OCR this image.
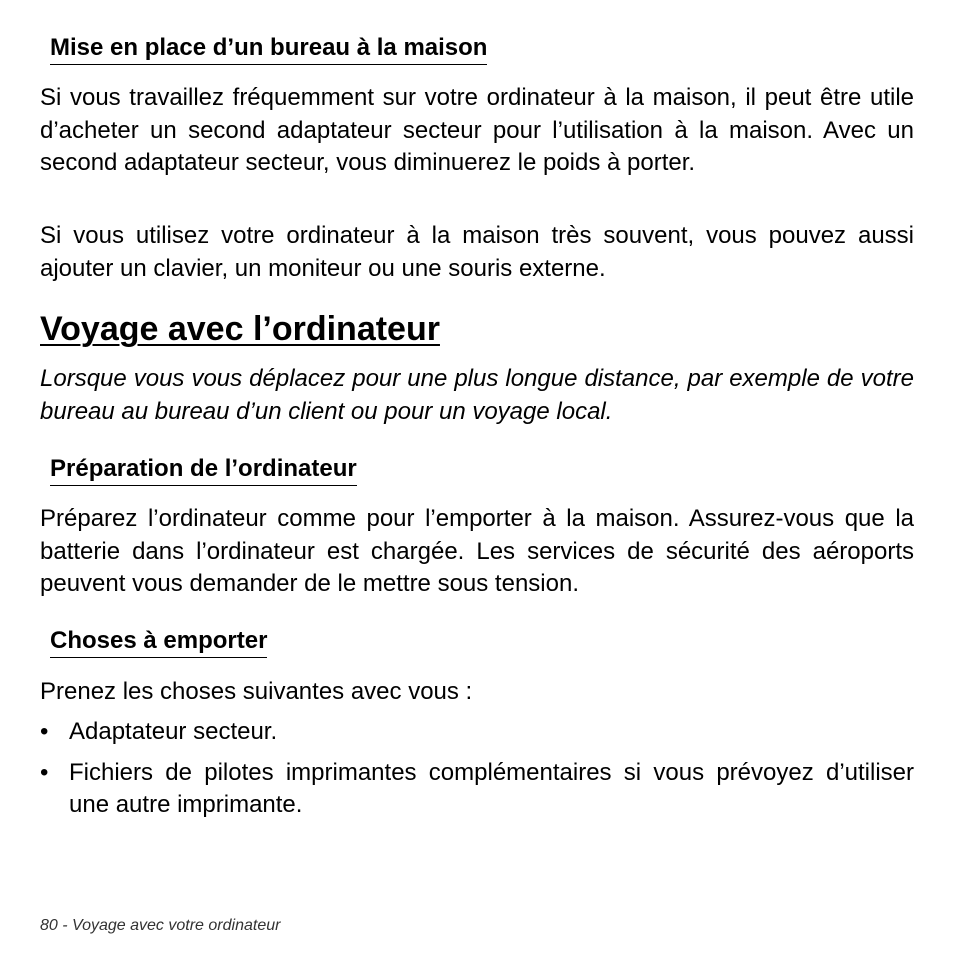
Mise en place d’un bureau à la maison

Si vous travaillez fréquemment sur votre ordinateur à la maison, il peut être utile d’acheter un second adaptateur secteur pour l’utilisation à la maison. Avec un second adaptateur secteur, vous diminuerez le poids à porter.

Si vous utilisez votre ordinateur à la maison très souvent, vous pouvez aussi ajouter un clavier, un moniteur ou une souris externe.

Voyage avec l’ordinateur

Lorsque vous vous déplacez pour une plus longue distance, par exemple de votre bureau au bureau d’un client ou pour un voyage local.

Préparation de l’ordinateur

Préparez l’ordinateur comme pour l’emporter à la maison. Assurez-vous que la batterie dans l’ordinateur est chargée. Les services de sécurité des aéroports peuvent vous demander de le mettre sous tension.

Choses à emporter

Prenez les choses suivantes avec vous :

• Adaptateur secteur.
• Fichiers de pilotes imprimantes complémentaires si vous prévoyez d’utiliser une autre imprimante.
80 - Voyage avec votre ordinateur
